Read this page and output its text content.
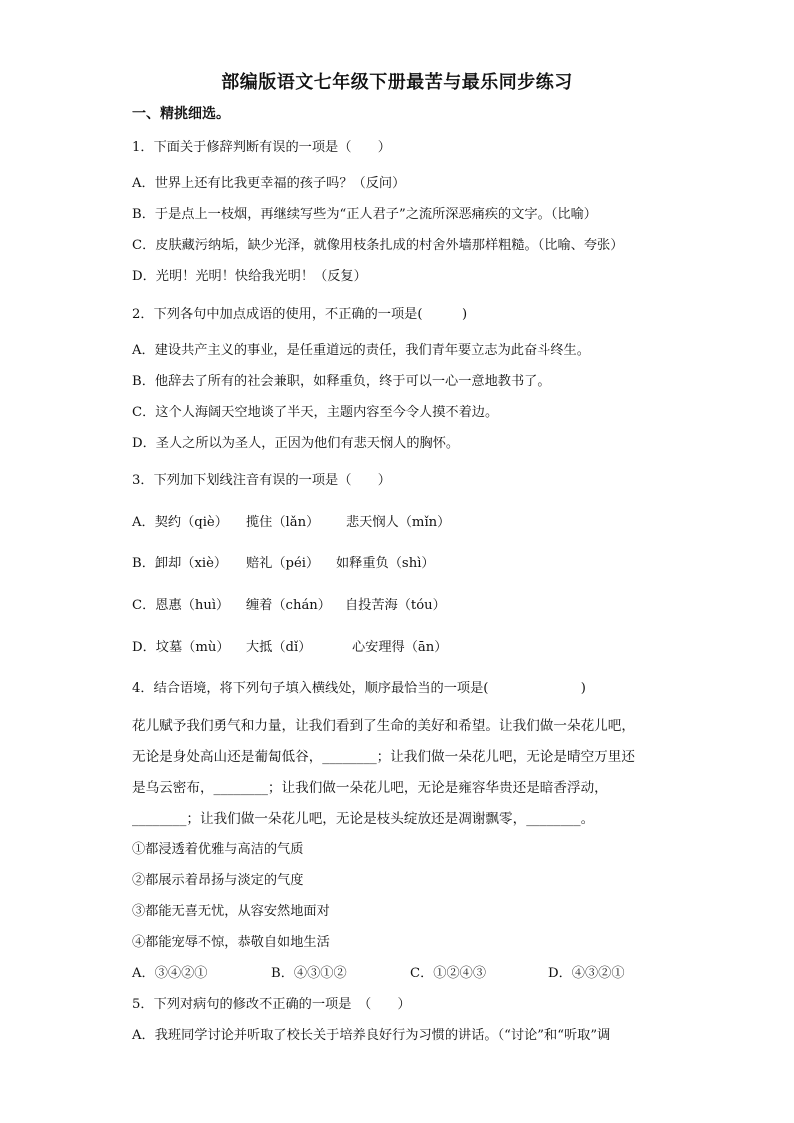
部编版语文七年级下册最苦与最乐同步练习
一、精挑细选。
1．下面关于修辞判断有误的一项是（　　）
A．世界上还有比我更幸福的孩子吗？（反问）
B．于是点上一枝烟，再继续写些为“正人君子”之流所深恶痛疾的文字。（比喻）
C．皮肤藏污纳垢，缺少光泽，就像用枝条扎成的村舍外墙那样粗糙。（比喻、夸张）
D．光明！光明！快给我光明！（反复）
2．下列各句中加点成语的使用，不正确的一项是(　　　)
A．建设共产主义的事业，是任重道远的责任，我们青年要立志为此奋斗终生。
B．他辞去了所有的社会兼职，如释重负，终于可以一心一意地教书了。
C．这个人海阔天空地谈了半天，主题内容至今令人摸不着边。
D．圣人之所以为圣人，正因为他们有悲天悯人的胸怀。
3．下列加下划线注音有误的一项是（　　）
A．契约（qiè） 揽住（lǎn） 悲天悯人（mǐn）
B．卸却（xiè） 赔礼（péi） 如释重负（shì）
C．恩惠（huì） 缠着（chán） 自投苦海（tóu）
D．坟墓（mù） 大抵（dǐ）	心安理得（ān）
4．结合语境，将下列句子填入横线处，顺序最恰当的一项是(　　　　　　　)
花儿赋予我们勇气和力量，让我们看到了生命的美好和希望。让我们做一朵花儿吧，
无论是身处高山还是葡匐低谷，________；让我们做一朵花儿吧，无论是晴空万里还
是乌云密布，________；让我们做一朵花儿吧，无论是雍容华贵还是暗香浮动，
________；让我们做一朵花儿吧，无论是枝头绽放还是凋谢飘零，________。
①都浸透着优雅与高洁的气质
②都展示着昂扬与淡定的气度
③都能无喜无忧，从容安然地面对
④都能宠辱不惊，恭敬自如地生活
A．③④②①	B．④③①②	C．①②④③	D．④③②①
5．下列对病句的修改不正确的一项是　（　　）
A．我班同学讨论并听取了校长关于培养良好行为习惯的讲话。（“讨论”和“听取”调
